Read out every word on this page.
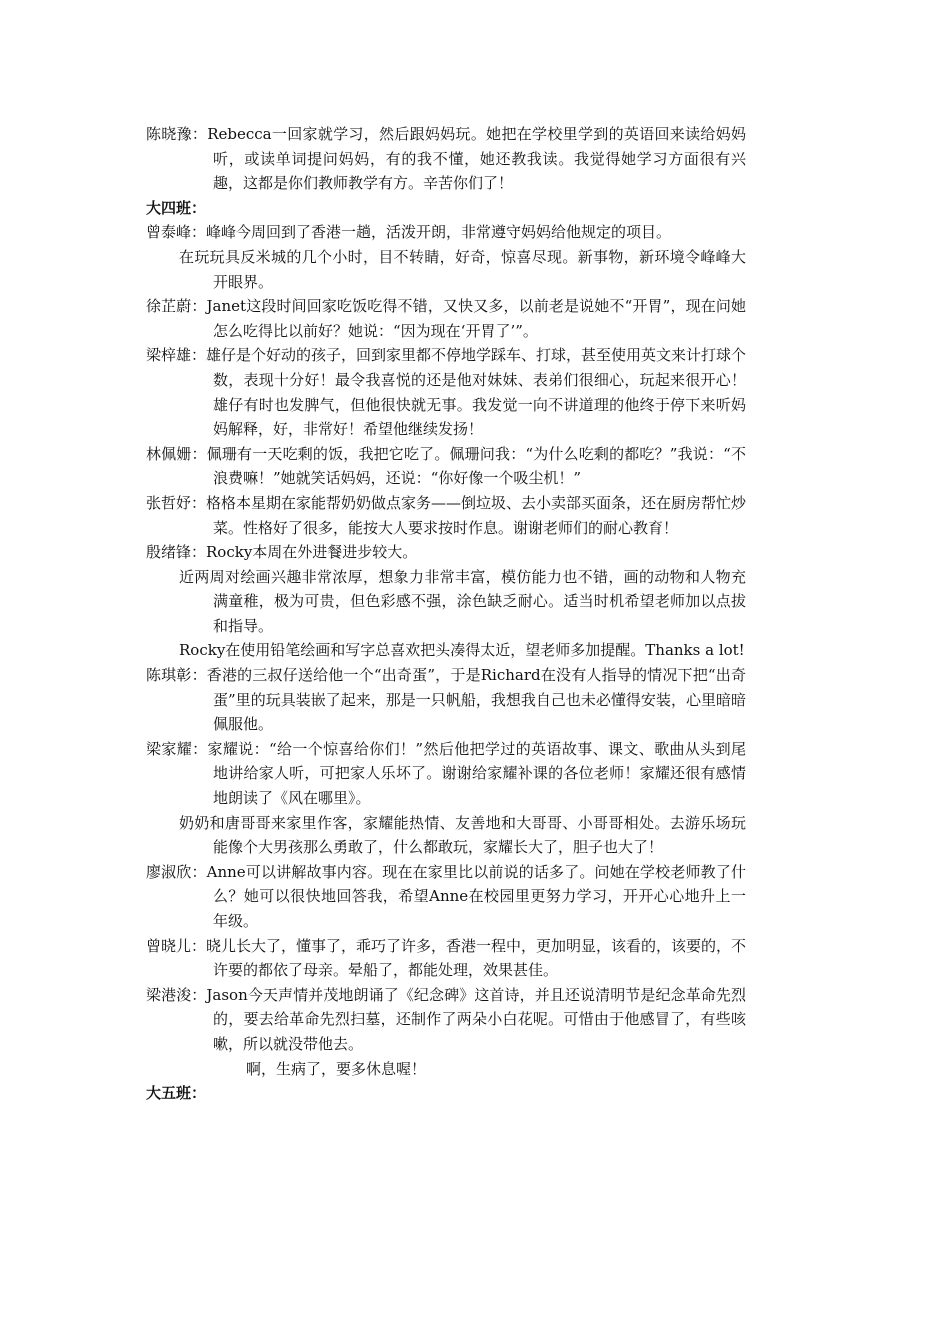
陈晓豫：Rebecca一回家就学习，然后跟妈妈玩。她把在学校里学到的英语回来读给妈妈听，或读单词提问妈妈，有的我不懂，她还教我读。我觉得她学习方面很有兴趣，这都是你们教师教学有方。辛苦你们了！

大四班：

曾泰峰：峰峰今周回到了香港一趟，活泼开朗，非常遵守妈妈给他规定的项目。

在玩玩具反米城的几个小时，目不转睛，好奇，惊喜尽现。新事物，新环境令峰峰大开眼界。

徐芷蔚：Janet这段时间回家吃饭吃得不错，又快又多，以前老是说她不“开胃”，现在问她怎么吃得比以前好？她说：“因为现在‘开胃了’”。

梁梓雄：雄仔是个好动的孩子，回到家里都不停地学踩车、打球，甚至使用英文来计打球个数，表现十分好！最令我喜悦的还是他对妹妹、表弟们很细心，玩起来很开心！雄仔有时也发脾气，但他很快就无事。我发觉一向不讲道理的他终于停下来听妈妈解释，好，非常好！希望他继续发扬！

林佩姗：佩珊有一天吃剩的饭，我把它吃了。佩珊问我：“为什么吃剩的都吃？”我说：“不浪费嘛！”她就笑话妈妈，还说：“你好像一个吸尘机！”

张哲妤：格格本星期在家能帮奶奶做点家务——倒垃圾、去小卖部买面条，还在厨房帮忙炒菜。性格好了很多，能按大人要求按时作息。谢谢老师们的耐心教育！

殷绪锋：Rocky本周在外进餐进步较大。

近两周对绘画兴趣非常浓厚，想象力非常丰富，模仿能力也不错，画的动物和人物充满童稚，极为可贵，但色彩感不强，涂色缺乏耐心。适当时机希望老师加以点拔和指导。

Rocky在使用铅笔绘画和写字总喜欢把头凑得太近，望老师多加提醒。Thanks a lot!

陈琪彰：香港的三叔仔送给他一个“出奇蛋”，于是Richard在没有人指导的情况下把“出奇蛋”里的玩具装嵌了起来，那是一只帆船，我想我自己也未必懂得安装，心里暗暗佩服他。

梁家耀：家耀说：“给一个惊喜给你们！”然后他把学过的英语故事、课文、歌曲从头到尾地讲给家人听，可把家人乐坏了。谢谢给家耀补课的各位老师！家耀还很有感情地朗读了《风在哪里》。

奶奶和唐哥哥来家里作客，家耀能热情、友善地和大哥哥、小哥哥相处。去游乐场玩能像个大男孩那么勇敢了，什么都敢玩，家耀长大了，胆子也大了！

廖淑欣：Anne可以讲解故事内容。现在在家里比以前说的话多了。问她在学校老师教了什么？她可以很快地回答我，希望Anne在校园里更努力学习，开开心心地升上一年级。

曾晓儿：晓儿长大了，懂事了，乖巧了许多，香港一程中，更加明显，该看的，该要的，不许要的都依了母亲。晕船了，都能处理，效果甚佳。

梁港浚：Jason今天声情并茂地朗诵了《纪念碑》这首诗，并且还说清明节是纪念革命先烈的，要去给革命先烈扫墓，还制作了两朵小白花呢。可惜由于他感冒了，有些咳嗽，所以就没带他去。

啊，生病了，要多休息喔！

大五班：
